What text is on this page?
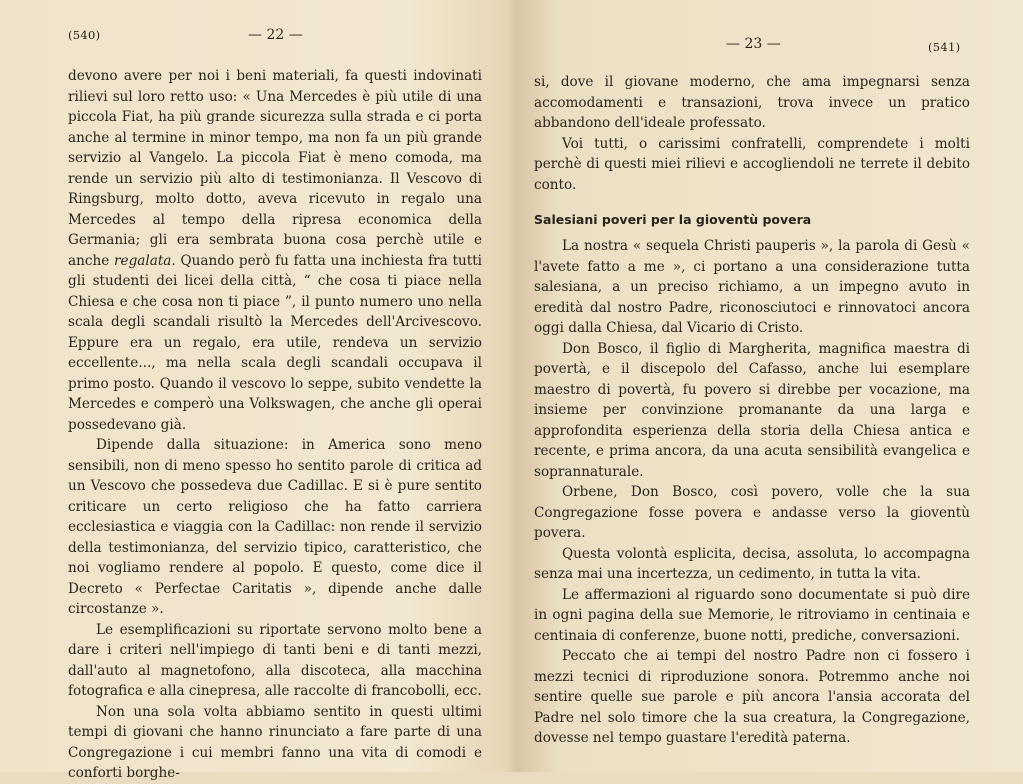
(540)	— 22 —

devono avere per noi i beni materiali, fa questi indovinati rilievi sul loro retto uso: « Una Mercedes è più utile di una piccola Fiat, ha più grande sicurezza sulla strada e ci porta anche al termine in minor tempo, ma non fa un più grande servizio al Vangelo. La piccola Fiat è meno comoda, ma rende un servizio più alto di testimonianza. Il Vescovo di Ringsburg, molto dotto, aveva ricevuto in regalo una Mercedes al tempo della ripresa economica della Germania; gli era sembrata buona cosa perchè utile e anche regalata. Quando però fu fatta una inchiesta fra tutti gli studenti dei licei della città, “ che cosa ti piace nella Chiesa e che cosa non ti piace ”, il punto numero uno nella scala degli scandali risultò la Mercedes dell'Arcivescovo. Eppure era un regalo, era utile, rendeva un servizio eccellente..., ma nella scala degli scandali occupava il primo posto. Quando il vescovo lo seppe, subito vendette la Mercedes e comperò una Volkswagen, che anche gli operai possedevano già.

Dipende dalla situazione: in America sono meno sensibili, non di meno spesso ho sentito parole di critica ad un Vescovo che possedeva due Cadillac. E si è pure sentito criticare un certo religioso che ha fatto carriera ecclesiastica e viaggia con la Cadillac: non rende il servizio della testimonianza, del servizio tipico, caratteristico, che noi vogliamo rendere al popolo. E questo, come dice il Decreto « Perfectae Caritatis », dipende anche dalle circostanze ».

Le esemplificazioni su riportate servono molto bene a dare i criteri nell'impiego di tanti beni e di tanti mezzi, dall'auto al magnetofono, alla discoteca, alla macchina fotografica e alla cinepresa, alle raccolte di francobolli, ecc.

Non una sola volta abbiamo sentito in questi ultimi tempi di giovani che hanno rinunciato a fare parte di una Congregazione i cui membri fanno una vita di comodi e conforti borghe-

— 23 —	(541)

si, dove il giovane moderno, che ama impegnarsi senza accomodamenti e transazioni, trova invece un pratico abbandono dell'ideale professato.

Voi tutti, o carissimi confratelli, comprendete i molti perchè di questi miei rilievi e accogliendoli ne terrete il debito conto.

Salesiani poveri per la gioventù povera

La nostra « sequela Christi pauperis », la parola di Gesù « l'avete fatto a me », ci portano a una considerazione tutta salesiana, a un preciso richiamo, a un impegno avuto in eredità dal nostro Padre, riconosciutoci e rinnovatoci ancora oggi dalla Chiesa, dal Vicario di Cristo.

Don Bosco, il figlio di Margherita, magnifica maestra di povertà, e il discepolo del Cafasso, anche lui esemplare maestro di povertà, fu povero si direbbe per vocazione, ma insieme per convinzione promanante da una larga e approfondita esperienza della storia della Chiesa antica e recente, e prima ancora, da una acuta sensibilità evangelica e soprannaturale.

Orbene, Don Bosco, così povero, volle che la sua Congregazione fosse povera e andasse verso la gioventù povera.

Questa volontà esplicita, decisa, assoluta, lo accompagna senza mai una incertezza, un cedimento, in tutta la vita.

Le affermazioni al riguardo sono documentate si può dire in ogni pagina della sue Memorie, le ritroviamo in centinaia e centinaia di conferenze, buone notti, prediche, conversazioni.

Peccato che ai tempi del nostro Padre non ci fossero i mezzi tecnici di riproduzione sonora. Potremmo anche noi sentire quelle sue parole e più ancora l'ansia accorata del Padre nel solo timore che la sua creatura, la Congregazione, dovesse nel tempo guastare l'eredità paterna.
